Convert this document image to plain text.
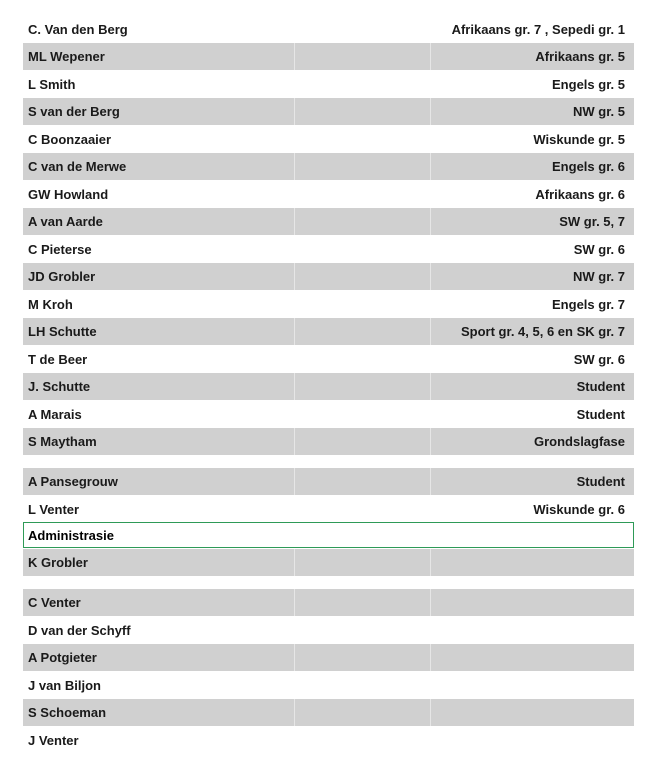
C. Van den Berg	Afrikaans gr. 7 , Sepedi gr. 1
ML Wepener	Afrikaans gr. 5
L Smith	Engels gr. 5
S van der Berg	NW gr. 5
C Boonzaaier	Wiskunde gr. 5
C van de Merwe	Engels gr. 6
GW Howland	Afrikaans gr. 6
A van Aarde	SW gr. 5, 7
C Pieterse	SW gr. 6
JD Grobler	NW gr. 7
M Kroh	Engels gr. 7
LH Schutte	Sport gr. 4, 5, 6 en SK gr. 7
T de Beer	SW gr. 6
J. Schutte	Student
A Marais	Student
S Maytham	Grondslagfase
A Pansegrouw	Student
L Venter	Wiskunde gr. 6
Administrasie
K Grobler
C Venter
D van der Schyff
A Potgieter
J van Biljon
S Schoeman
J Venter
